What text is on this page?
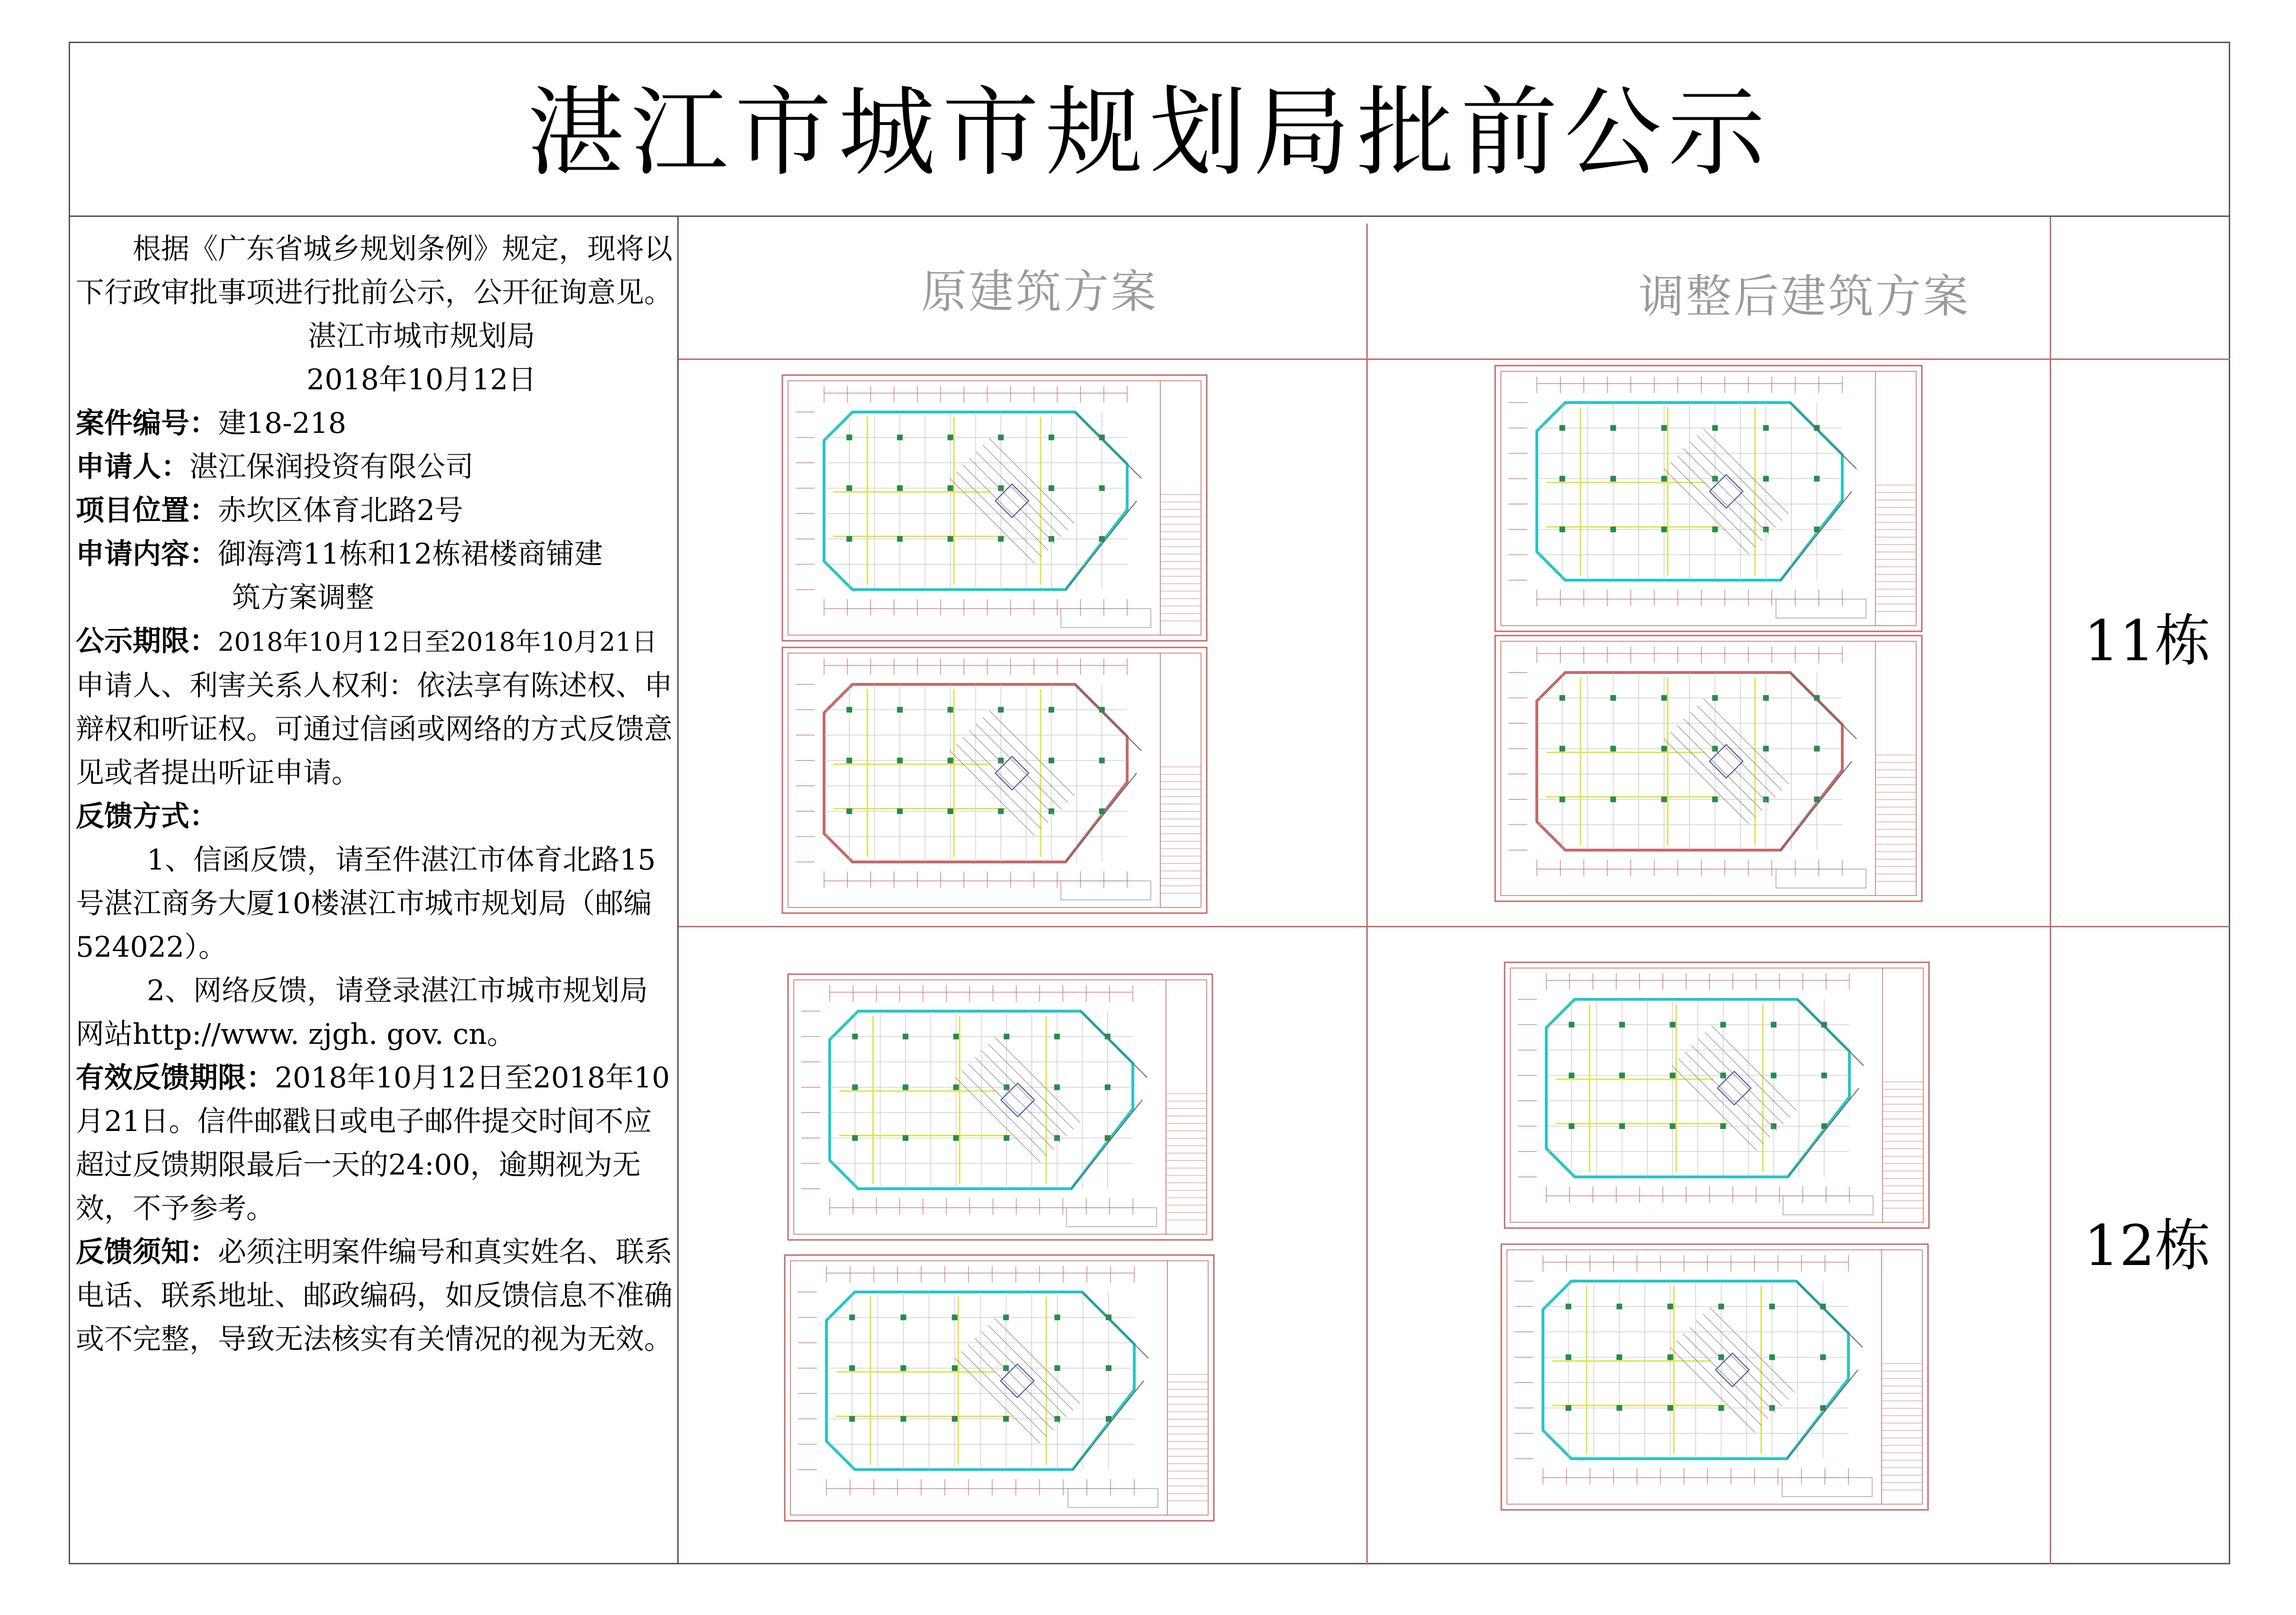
湛江市城市规划局批前公示

根据《广东省城乡规划条例》规定，现将以下行政审批事项进行批前公示，公开征询意见。

湛江市城市规划局

2018年10月12日

案件编号：建18-218

申请人：湛江保润投资有限公司

项目位置：赤坎区体育北路2号

申请内容：御海湾11栋和12栋裙楼商铺建

筑方案调整

公示期限：2018年10月12日至2018年10月21日

申请人、利害关系人权利：依法享有陈述权、申辩权和听证权。可通过信函或网络的方式反馈意见或者提出听证申请。

反馈方式：

1、信函反馈，请至件湛江市体育北路15号湛江商务大厦10楼湛江市城市规划局（邮编524022）。

2、网络反馈，请登录湛江市城市规划局网站http://www. zjgh. gov. cn。

有效反馈期限：2018年10月12日至2018年10月21日。信件邮戳日或电子邮件提交时间不应超过反馈期限最后一天的24:00，逾期视为无效，不予参考。

反馈须知：必须注明案件编号和真实姓名、联系电话、联系地址、邮政编码，如反馈信息不准确或不完整，导致无法核实有关情况的视为无效。

原建筑方案	调整后建筑方案
11栋
12栋
